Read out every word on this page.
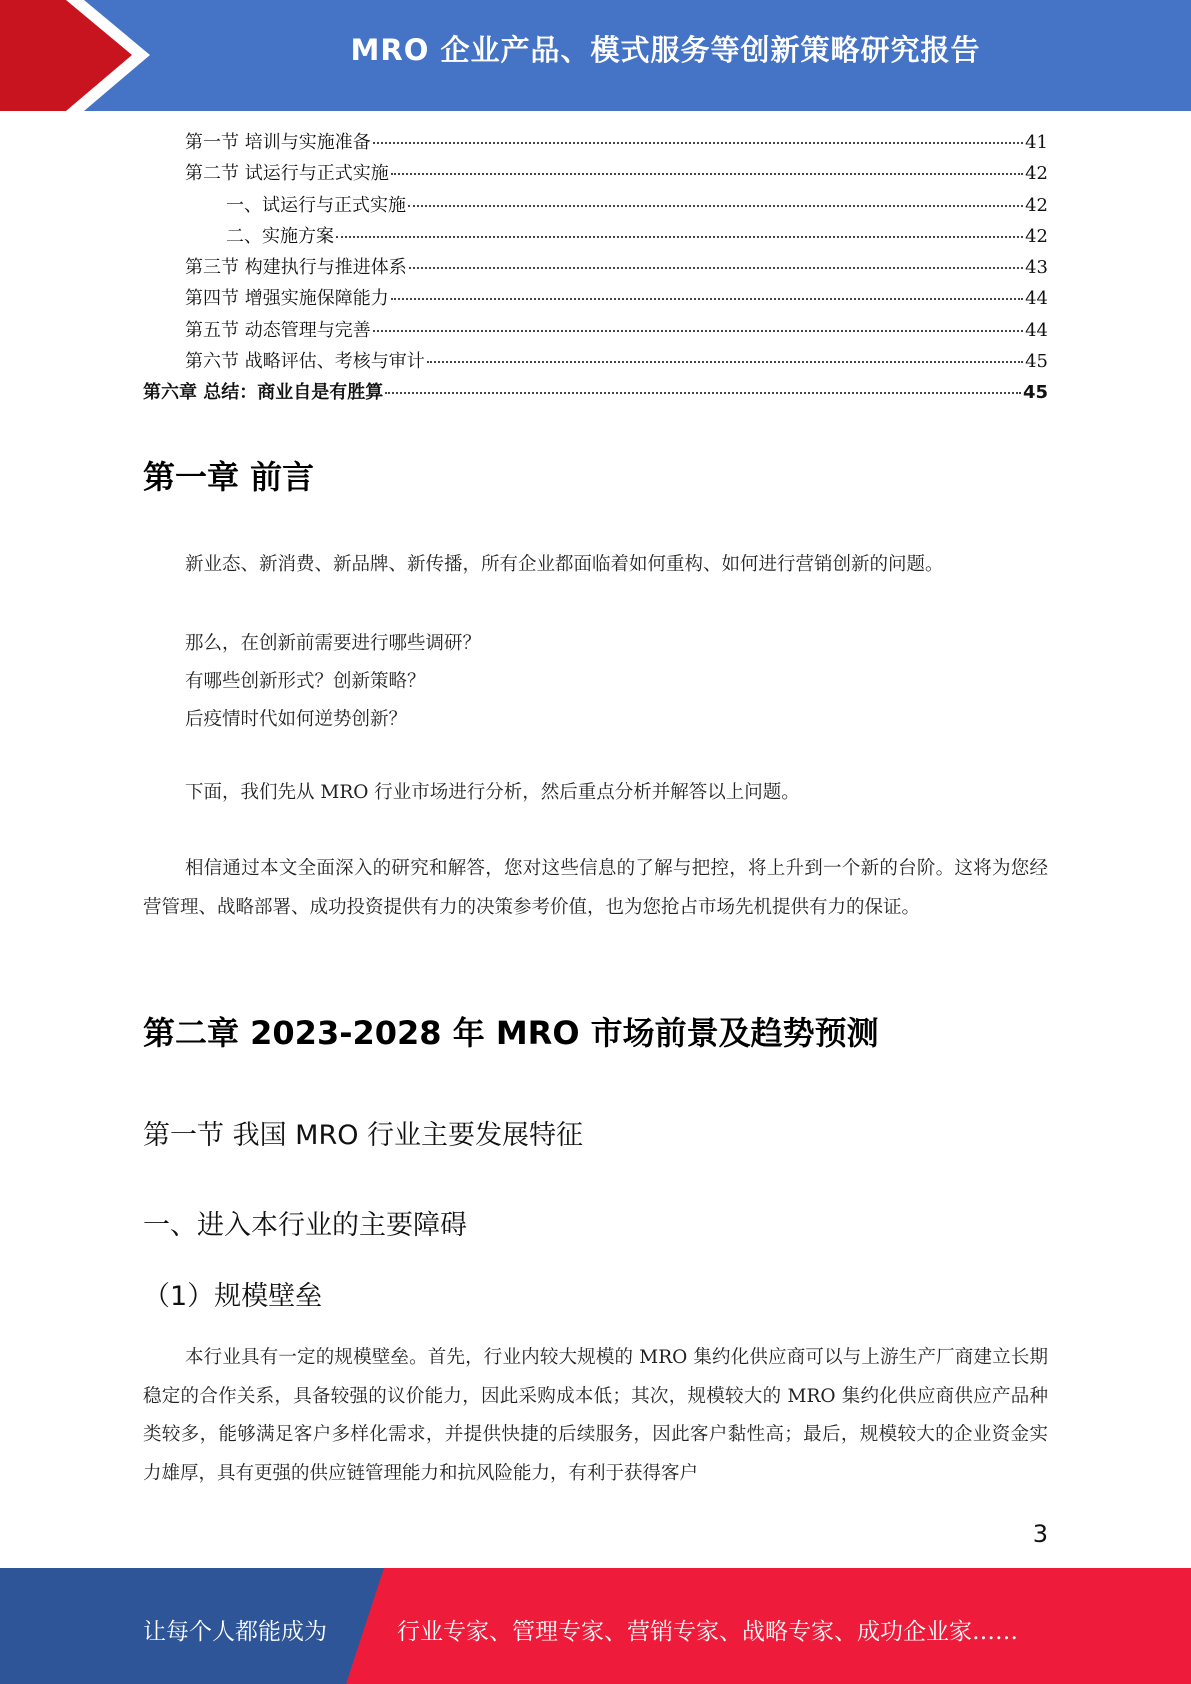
MRO 企业产品、模式服务等创新策略研究报告
第一节 培训与实施准备	41
第二节 试运行与正式实施	42
一、试运行与正式实施	42
二、实施方案	42
第三节 构建执行与推进体系	43
第四节 增强实施保障能力	44
第五节 动态管理与完善	44
第六节 战略评估、考核与审计	45
第六章 总结：商业自是有胜算	45
第一章 前言

新业态、新消费、新品牌、新传播，所有企业都面临着如何重构、如何进行营销创新的问题。

那么，在创新前需要进行哪些调研？

有哪些创新形式？创新策略？

后疫情时代如何逆势创新？

下面，我们先从 MRO 行业市场进行分析，然后重点分析并解答以上问题。

相信通过本文全面深入的研究和解答，您对这些信息的了解与把控，将上升到一个新的台阶。这将为您经营管理、战略部署、成功投资提供有力的决策参考价值，也为您抢占市场先机提供有力的保证。

第二章 2023-2028 年 MRO 市场前景及趋势预测
第一节 我国 MRO 行业主要发展特征
一、进入本行业的主要障碍
（1）规模壁垒

本行业具有一定的规模壁垒。首先，行业内较大规模的 MRO 集约化供应商可以与上游生产厂商建立长期稳定的合作关系，具备较强的议价能力，因此采购成本低；其次，规模较大的 MRO 集约化供应商供应产品种类较多，能够满足客户多样化需求，并提供快捷的后续服务，因此客户黏性高；最后，规模较大的企业资金实力雄厚，具有更强的供应链管理能力和抗风险能力，有利于获得客户

3
让每个人都能成为	行业专家、管理专家、营销专家、战略专家、成功企业家……
